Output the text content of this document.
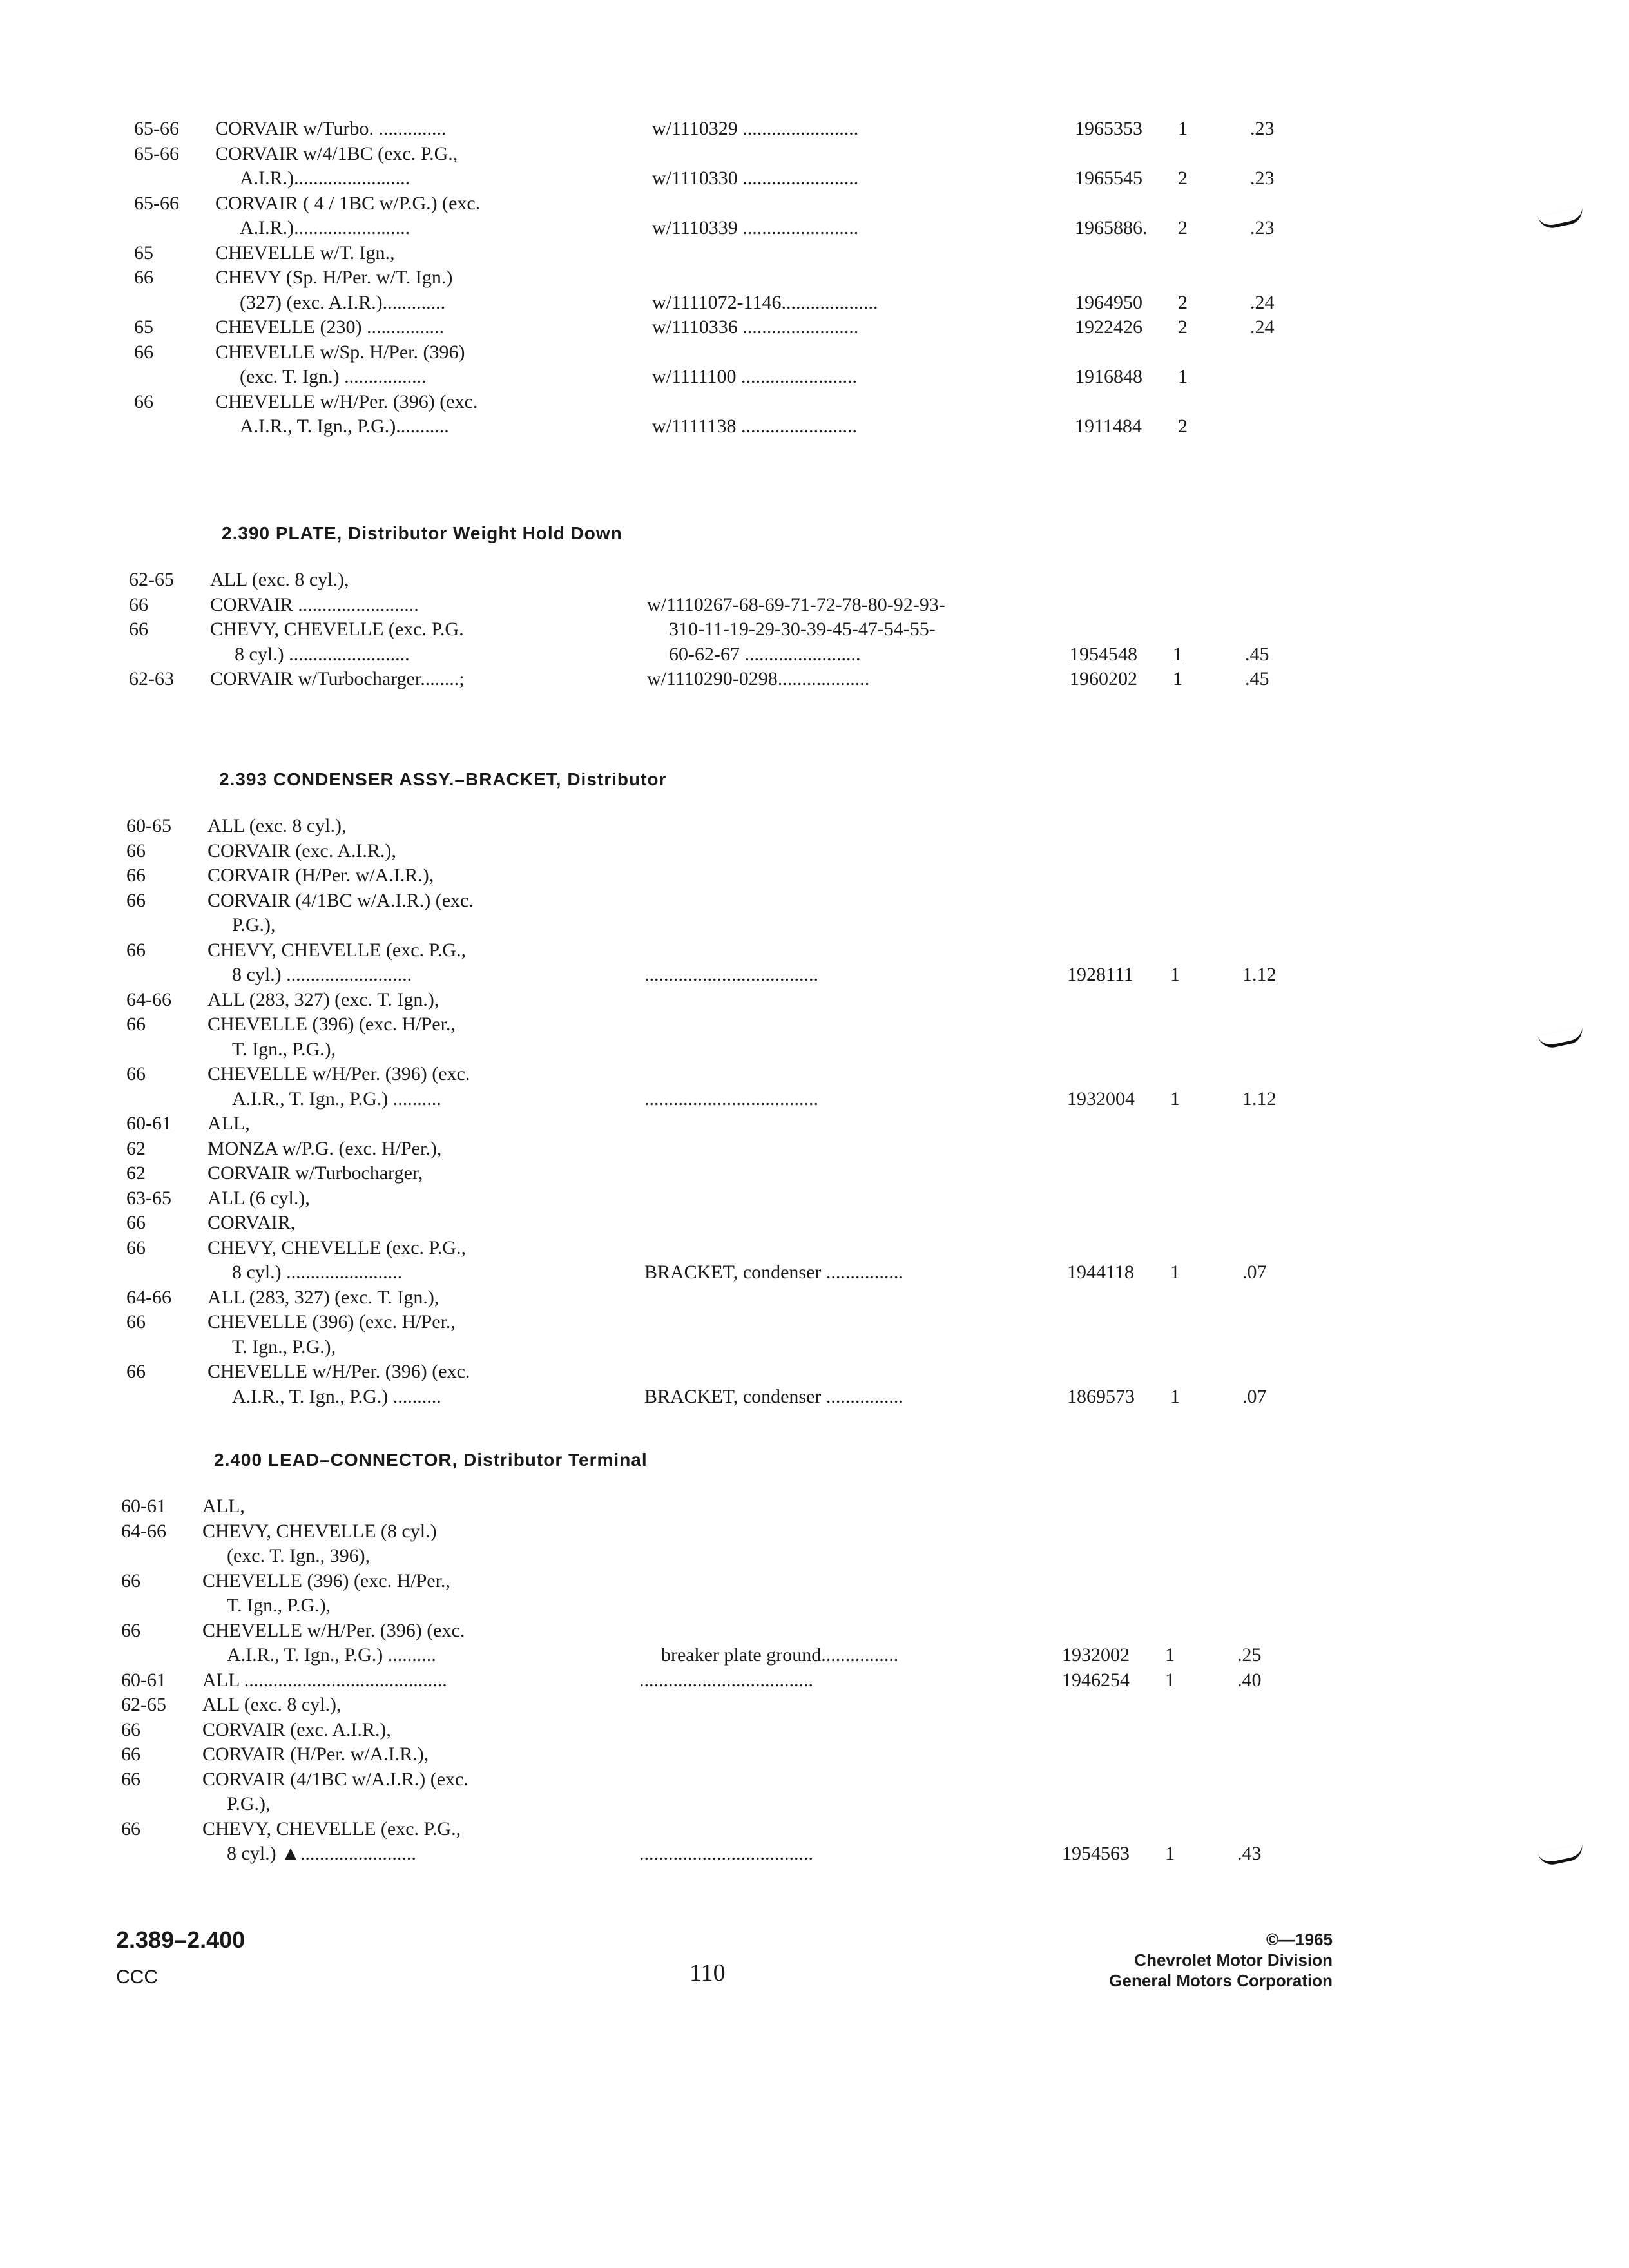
65-66 CORVAIR w/Turbo. ..............	w/1110329 ........................	1965353 1	.23
65-66 CORVAIR w/4/1BC (exc. P.G.,
A.I.R.)........................	w/1110330 ........................	1965545 2	.23
65-66 CORVAIR ( 4 / 1BC w/P.G.) (exc.
A.I.R.)........................	w/1110339 ........................	1965886. 2	.23
65	CHEVELLE w/T. Ign.,
66	CHEVY (Sp. H/Per. w/T. Ign.)
(327) (exc. A.I.R.).............	w/1111072-1146....................	1964950 2	.24
65	CHEVELLE (230) ................	w/1110336 ........................	1922426 2	.24
66	CHEVELLE w/Sp. H/Per. (396)
(exc. T. Ign.) .................	w/1111100 ........................	1916848 1
66	CHEVELLE w/H/Per. (396) (exc.
A.I.R., T. Ign., P.G.)...........	w/1111138 ........................	1911484 2
2.390 PLATE, Distributor Weight Hold Down
62-65 ALL (exc. 8 cyl.),
66	CORVAIR .........................	w/1110267-68-69-71-72-78-80-92-93-
66	CHEVY, CHEVELLE (exc. P.G.	310-11-19-29-30-39-45-47-54-55-
8 cyl.) .........................	60-62-67 ........................	1954548 1	.45
62-63 CORVAIR w/Turbocharger........;	w/1110290-0298...................	1960202 1	.45
2.393 CONDENSER ASSY.–BRACKET, Distributor
60-65 ALL (exc. 8 cyl.),
66	CORVAIR (exc. A.I.R.),
66	CORVAIR (H/Per. w/A.I.R.),
66	CORVAIR (4/1BC w/A.I.R.) (exc.
P.G.),
66	CHEVY, CHEVELLE (exc. P.G.,
8 cyl.) ..........................	....................................	1928111 1	1.12
64-66 ALL (283, 327) (exc. T. Ign.),
66	CHEVELLE (396) (exc. H/Per.,
T. Ign., P.G.),
66	CHEVELLE w/H/Per. (396) (exc.
A.I.R., T. Ign., P.G.) ..........	....................................	1932004 1	1.12
60-61 ALL,
62	MONZA w/P.G. (exc. H/Per.),
62	CORVAIR w/Turbocharger,
63-65 ALL (6 cyl.),
66	CORVAIR,
66	CHEVY, CHEVELLE (exc. P.G.,
8 cyl.) ........................	BRACKET, condenser ................	1944118 1	.07
64-66 ALL (283, 327) (exc. T. Ign.),
66	CHEVELLE (396) (exc. H/Per.,
T. Ign., P.G.),
66	CHEVELLE w/H/Per. (396) (exc.
A.I.R., T. Ign., P.G.) ..........	BRACKET, condenser ................	1869573 1	.07
2.400 LEAD–CONNECTOR, Distributor Terminal
60-61 ALL,
64-66 CHEVY, CHEVELLE (8 cyl.)
(exc. T. Ign., 396),
66	CHEVELLE (396) (exc. H/Per.,
T. Ign., P.G.),
66	CHEVELLE w/H/Per. (396) (exc.
A.I.R., T. Ign., P.G.) ..........	breaker plate ground................	1932002 1	.25
60-61 ALL ..........................................	....................................	1946254 1	.40
62-65 ALL (exc. 8 cyl.),
66	CORVAIR (exc. A.I.R.),
66	CORVAIR (H/Per. w/A.I.R.),
66	CORVAIR (4/1BC w/A.I.R.) (exc.
P.G.),
66	CHEVY, CHEVELLE (exc. P.G.,
8 cyl.) ▲........................	....................................	1954563 1	.43
2.389–2.400
CCC	110
©—1965
Chevrolet Motor Division
General Motors Corporation
